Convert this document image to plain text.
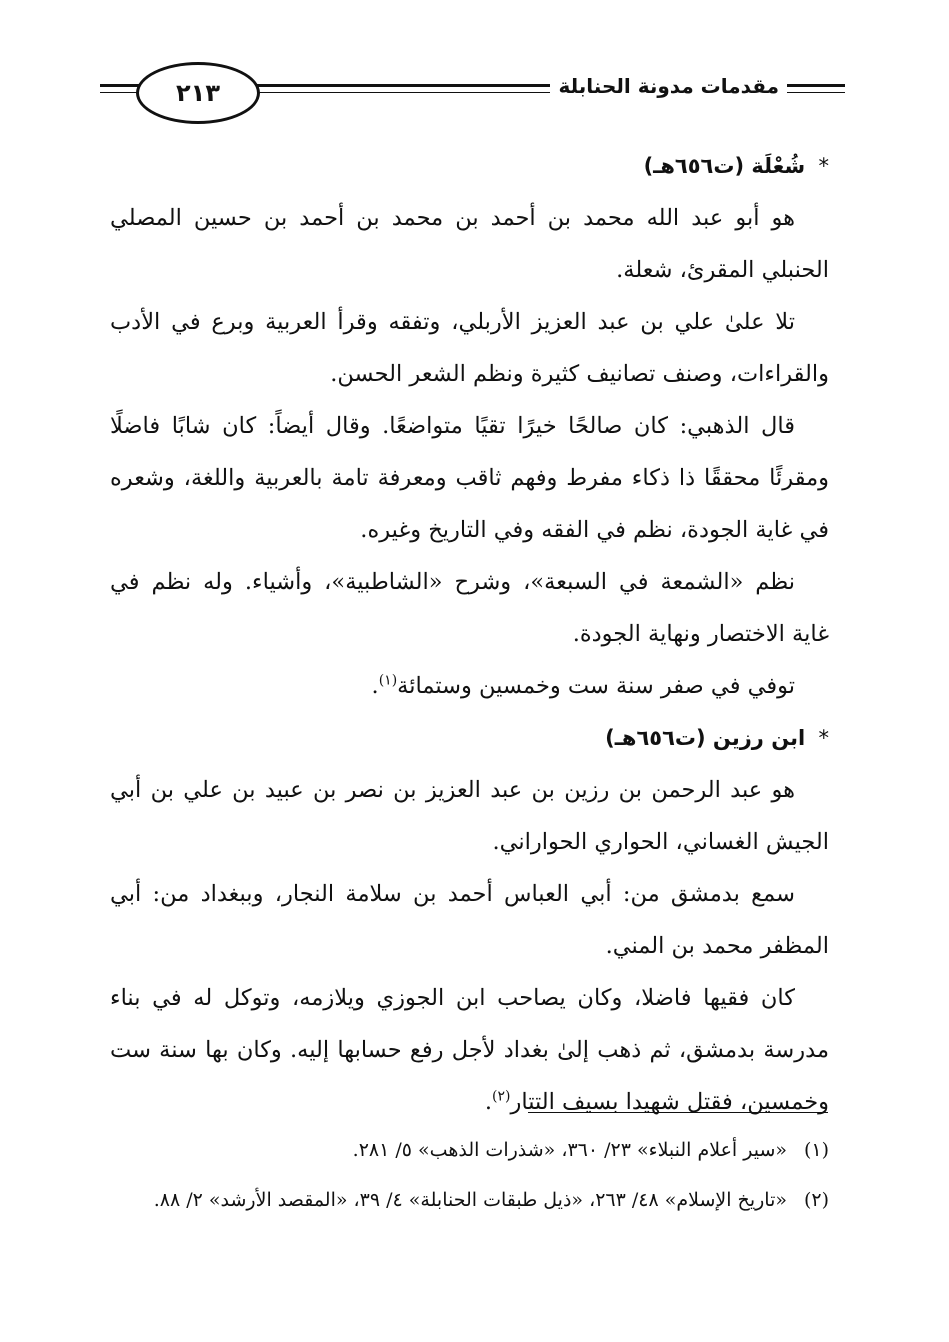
٢١٣	مقدمات مدونة الحنابلة
* شُعْلَة (ت٦٥٦هـ)

هو أبو عبد الله محمد بن أحمد بن محمد بن أحمد بن حسين المصلي الحنبلي المقرئ، شعلة.

تلا علىٰ علي بن عبد العزيز الأربلي، وتفقه وقرأ العربية وبرع في الأدب والقراءات، وصنف تصانيف كثيرة ونظم الشعر الحسن.

قال الذهبي: كان صالحًا خيرًا تقيًا متواضعًا. وقال أيضاً: كان شابًا فاضلًا ومقرئًا محققًا ذا ذكاء مفرط وفهم ثاقب ومعرفة تامة بالعربية واللغة، وشعره في غاية الجودة، نظم في الفقه وفي التاريخ وغيره.

نظم «الشمعة في السبعة»، وشرح «الشاطبية»، وأشياء. وله نظم في غاية الاختصار ونهاية الجودة.

توفي في صفر سنة ست وخمسين وستمائة$^{(١)}$.

* ابن رزين (ت٦٥٦هـ)

هو عبد الرحمن بن رزين بن عبد العزيز بن نصر بن عبيد بن علي بن أبي الجيش الغساني، الحواري الحواراني.

سمع بدمشق من: أبي العباس أحمد بن سلامة النجار، وببغداد من: أبي المظفر محمد بن المني.

كان فقيها فاضلا، وكان يصاحب ابن الجوزي ويلازمه، وتوكل له في بناء مدرسة بدمشق، ثم ذهب إلىٰ بغداد لأجل رفع حسابها إليه. وكان بها سنة ست وخمسين، فقتل شهيدا بسيف التتار$^{(٢)}$.

(١)
«سير أعلام النبلاء» ٢٣/ ٣٦٠، «شذرات الذهب» ٥/ ٢٨١.

(٢)
«تاريخ الإسلام» ٤٨/ ٢٦٣، «ذيل طبقات الحنابلة» ٤/ ٣٩، «المقصد الأرشد» ٢/ ٨٨.
